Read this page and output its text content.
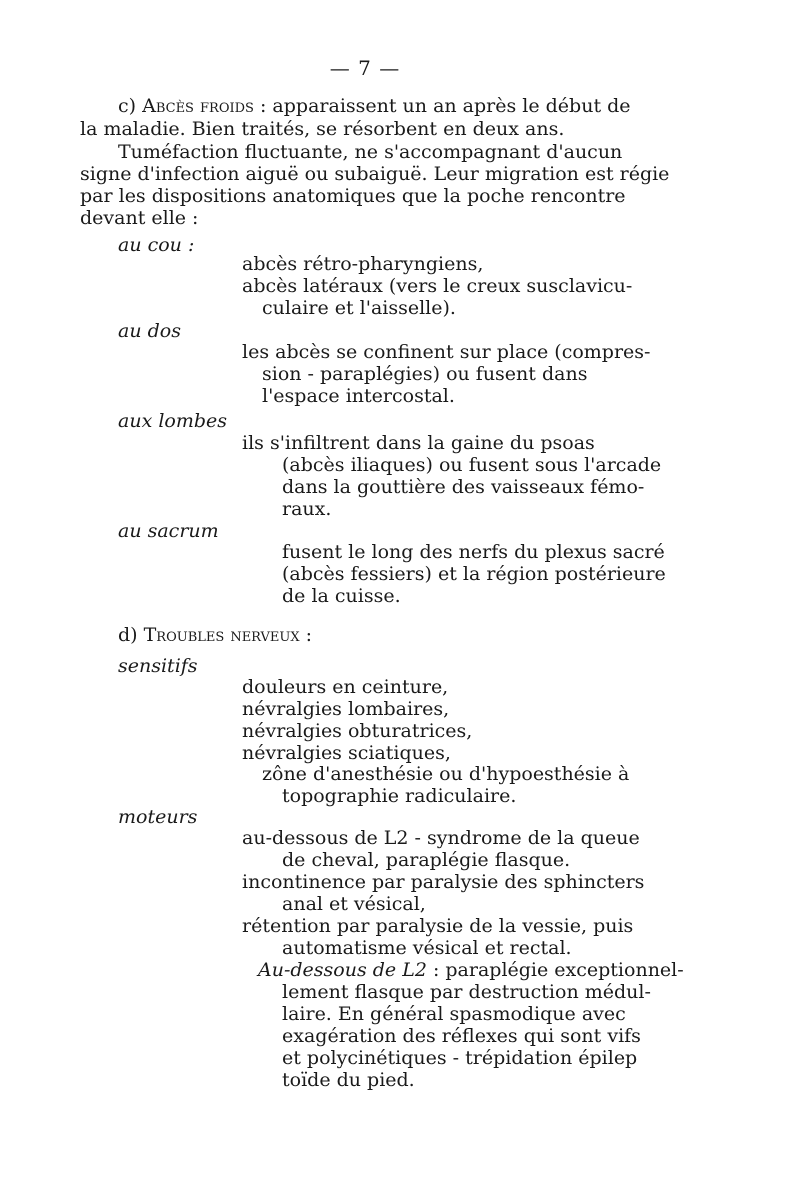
— 7 —
c) Abcès froids : apparaissent un an après le début de
la maladie. Bien traités, se résorbent en deux ans.
Tuméfaction fluctuante, ne s'accompagnant d'aucun
signe d'infection aiguë ou subaiguë. Leur migration est régie
par les dispositions anatomiques que la poche rencontre
devant elle :
au cou :
abcès rétro-pharyngiens,
abcès latéraux (vers le creux susclavicu-
culaire et l'aisselle).
au dos
les abcès se confinent sur place (compres-
sion - paraplégies) ou fusent dans
l'espace intercostal.
aux lombes
ils s'infiltrent dans la gaine du psoas
(abcès iliaques) ou fusent sous l'arcade
dans la gouttière des vaisseaux fémo-
raux.
au sacrum
fusent le long des nerfs du plexus sacré
(abcès fessiers) et la région postérieure
de la cuisse.
d) Troubles nerveux :
sensitifs
douleurs en ceinture,
névralgies lombaires,
névralgies obturatrices,
névralgies sciatiques,
zône d'anesthésie ou d'hypoesthésie à
topographie radiculaire.
moteurs
au-dessous de L2 - syndrome de la queue
de cheval, paraplégie flasque.
incontinence par paralysie des sphincters
anal et vésical,
rétention par paralysie de la vessie, puis
automatisme vésical et rectal.
Au-dessous de L2 : paraplégie exceptionnel-
lement flasque par destruction médul-
laire. En général spasmodique avec
exagération des réflexes qui sont vifs
et polycinétiques - trépidation épilep
toïde du pied.
